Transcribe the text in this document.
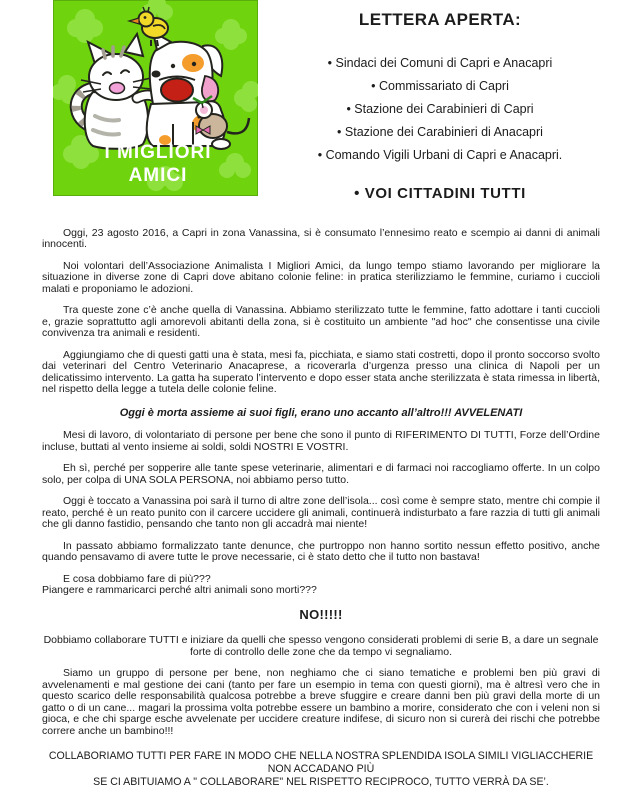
I MIGLIORI
AMICI
LETTERA APERTA:
• Sindaci dei Comuni di Capri e Anacapri
• Commissariato di Capri
• Stazione dei Carabinieri di Capri
• Stazione dei Carabinieri di Anacapri
• Comando Vigili Urbani di Capri e Anacapri.
• VOI CITTADINI TUTTI

Oggi, 23 agosto 2016, a Capri in zona Vanassina, si è consumato l’ennesimo reato e scempio ai danni di animali innocenti.

Noi volontari dell’Associazione Animalista I Migliori Amici, da lungo tempo stiamo lavorando per migliorare la situazione in diverse zone di Capri dove abitano colonie feline: in pratica sterilizziamo le femmine, curiamo i cuccioli malati e proponiamo le adozioni.

Tra queste zone c’è anche quella di Vanassina. Abbiamo sterilizzato tutte le femmine, fatto adottare i tanti cuccioli e, grazie soprattutto agli amorevoli abitanti della zona, si è costituito un ambiente "ad hoc" che consentisse una civile convivenza tra animali e residenti.

Aggiungiamo che di questi gatti una è stata, mesi fa, picchiata, e siamo stati costretti, dopo il pronto soccorso svolto dai veterinari del Centro Veterinario Anacaprese, a ricoverarla d’urgenza presso una clinica di Napoli per un delicatissimo intervento. La gatta ha superato l’intervento e dopo esser stata anche sterilizzata è stata rimessa in libertà, nel rispetto della legge a tutela delle colonie feline.

Oggi è morta assieme ai suoi figli, erano uno accanto all’altro!!! AVVELENATI

Mesi di lavoro, di volontariato di persone per bene che sono il punto di RIFERIMENTO DI TUTTI, Forze dell’Ordine incluse, buttati al vento insieme ai soldi, soldi NOSTRI E VOSTRI.

Eh sì, perché per sopperire alle tante spese veterinarie, alimentari e di farmaci noi raccogliamo offerte. In un colpo solo, per colpa di UNA SOLA PERSONA, noi abbiamo perso tutto.

Oggi è toccato a Vanassina poi sarà il turno di altre zone dell’isola... così come è sempre stato, mentre chi compie il reato, perché è un reato punito con il carcere uccidere gli animali, continuerà indisturbato a fare razzia di tutti gli animali che gli danno fastidio, pensando che tanto non gli accadrà mai niente!

In passato abbiamo formalizzato tante denunce, che purtroppo non hanno sortito nessun effetto positivo, anche quando pensavamo di avere tutte le prove necessarie, ci è stato detto che il tutto non bastava!

E cosa dobbiamo fare di più???
Piangere e rammaricarci perché altri animali sono morti???

NO!!!!!

Dobbiamo collaborare TUTTI e iniziare da quelli che spesso vengono considerati problemi di serie B, a dare un segnale
forte di controllo delle zone che da tempo vi segnaliamo.

Siamo un gruppo di persone per bene, non neghiamo che ci siano tematiche e problemi ben più gravi di avvelenamenti e mal gestione dei cani (tanto per fare un esempio in tema con questi giorni), ma è altresì vero che in questo scarico delle responsabilità qualcosa potrebbe a breve sfuggire e creare danni ben più gravi della morte di un gatto o di un cane... magari la prossima volta potrebbe essere un bambino a morire, considerato che con i veleni non si gioca, e che chi sparge esche avvelenate per uccidere creature indifese, di sicuro non si curerà dei rischi che potrebbe correre anche un bambino!!!

COLLABORIAMO TUTTI PER FARE IN MODO CHE NELLA NOSTRA SPLENDIDA ISOLA SIMILI VIGLIACCHERIE
NON ACCADANO PIÙ
SE CI ABITUIAMO A " COLLABORARE" NEL RISPETTO RECIPROCO, TUTTO VERRÀ DA SE’.
